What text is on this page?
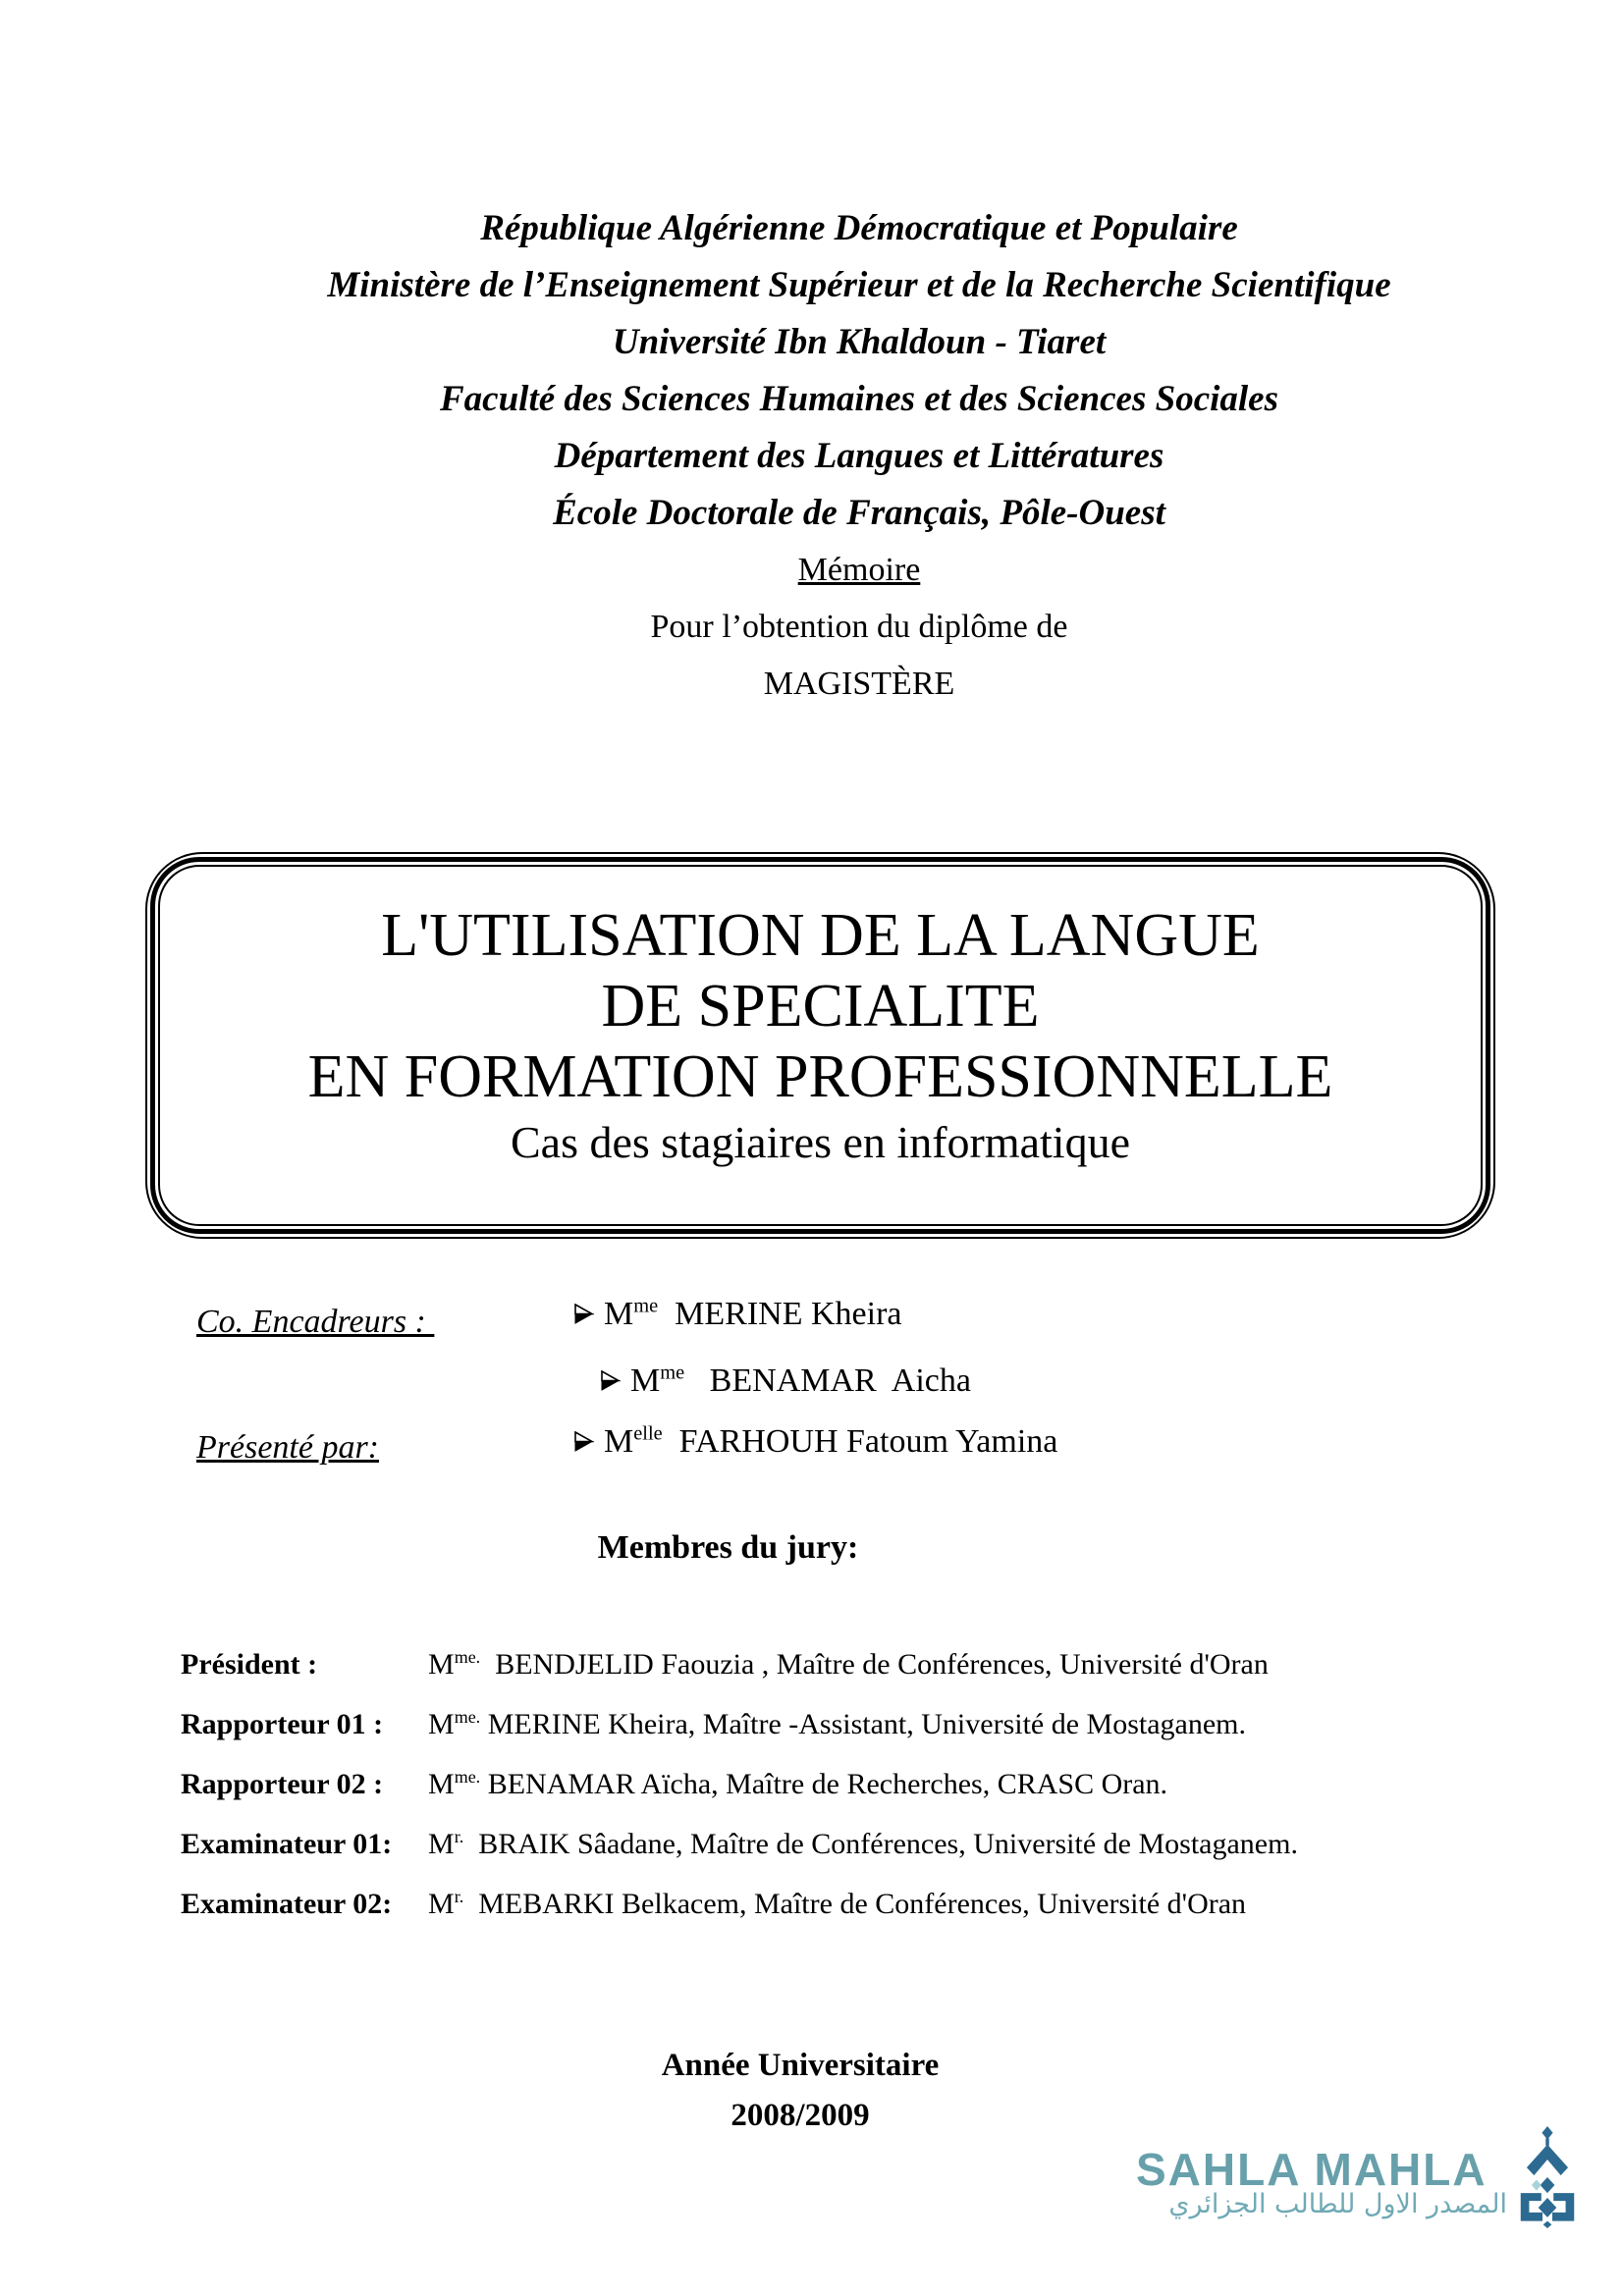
République Algérienne Démocratique et Populaire
Ministère de l’Enseignement Supérieur et de la Recherche Scientifique
Université Ibn Khaldoun - Tiaret
Faculté des Sciences Humaines et des Sciences Sociales
Département des Langues et Littératures
École Doctorale de Français, Pôle-Ouest
Mémoire
Pour l’obtention du diplôme de
MAGISTÈRE
L'UTILISATION DE LA LANGUE
DE SPECIALITE
EN FORMATION PROFESSIONNELLE
Cas des stagiaires en informatique
Co. Encadreurs :	$M^{me}$  MERINE Kheira
$M^{me}$   BENAMAR  Aicha
Présenté par:	$M^{elle}$  FARHOUH Fatoum Yamina
Membres du jury:
Président :	$M^{me.}$  BENDJELID Faouzia , Maître de Conférences, Université d'Oran
Rapporteur 01 : $M^{me.}$ MERINE Kheira, Maître -Assistant, Université de Mostaganem.
Rapporteur 02 : $M^{me.}$ BENAMAR Aïcha, Maître de Recherches, CRASC Oran.
Examinateur 01: $M^{r.}$  BRAIK Sâadane, Maître de Conférences, Université de Mostaganem.
Examinateur 02: $M^{r.}$  MEBARKI Belkacem, Maître de Conférences, Université d'Oran
Année Universitaire
2008/2009
SAHLA MAHLA
المصدر الاول للطالب الجزائري
